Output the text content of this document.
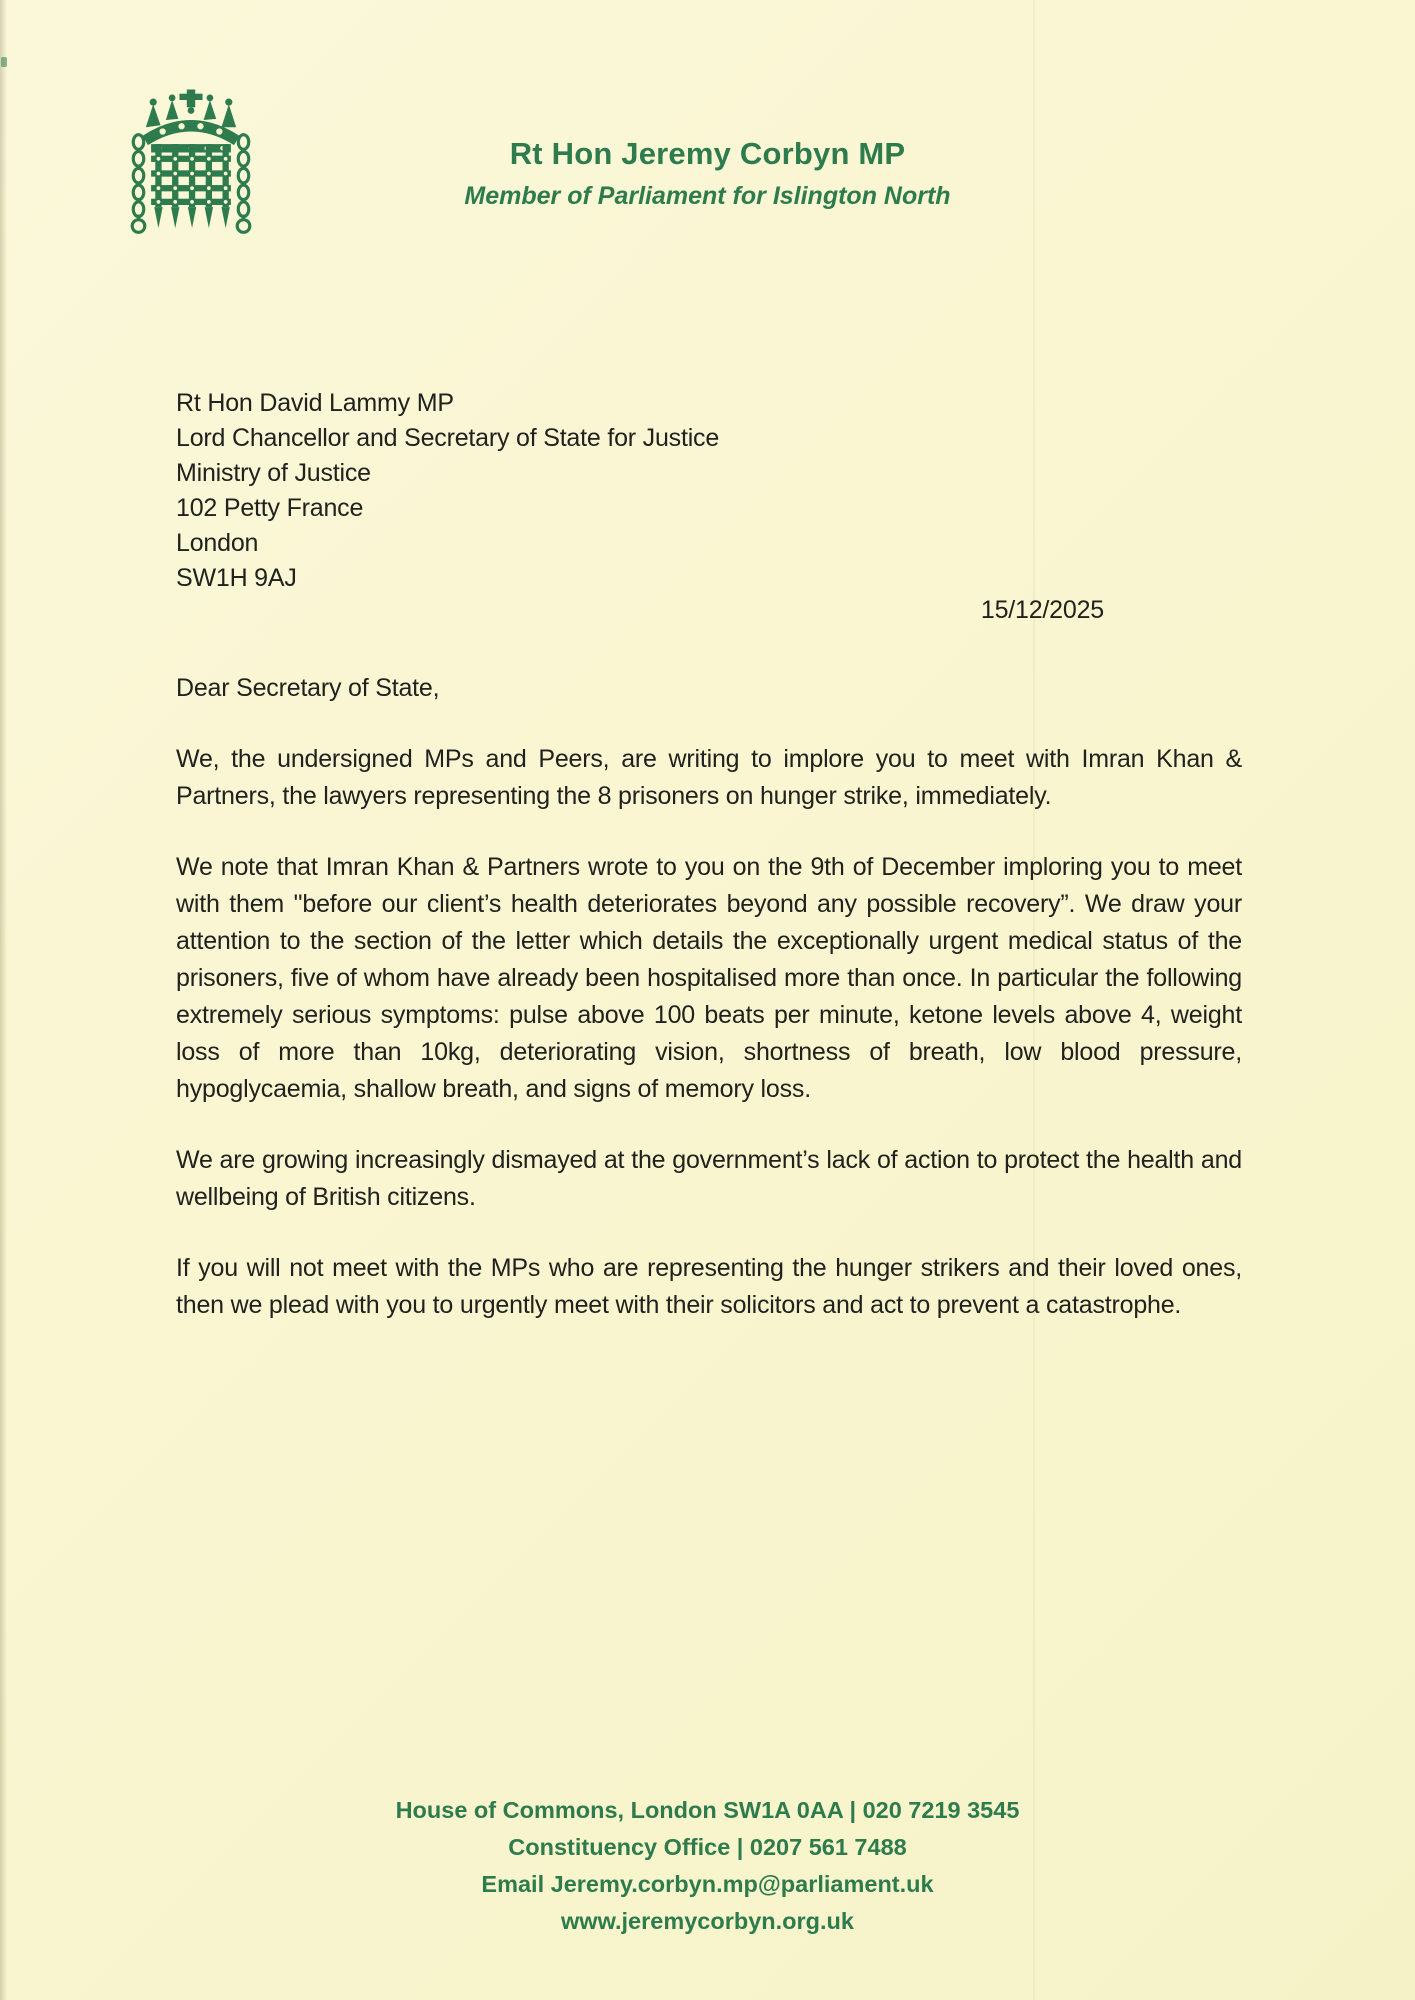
Rt Hon Jeremy Corbyn MP
Member of Parliament for Islington North
Rt Hon David Lammy MP
Lord Chancellor and Secretary of State for Justice
Ministry of Justice
102 Petty France
London
SW1H 9AJ
15/12/2025

Dear Secretary of State,

We, the undersigned MPs and Peers, are writing to implore you to meet with Imran Khan & Partners, the lawyers representing the 8 prisoners on hunger strike, immediately.

We note that Imran Khan & Partners wrote to you on the 9th of December imploring you to meet with them "before our client’s health deteriorates beyond any possible recovery”. We draw your attention to the section of the letter which details the exceptionally urgent medical status of the prisoners, five of whom have already been hospitalised more than once. In particular the following extremely serious symptoms: pulse above 100 beats per minute, ketone levels above 4, weight loss of more than 10kg, deteriorating vision, shortness of breath, low blood pressure, hypoglycaemia, shallow breath, and signs of memory loss.

We are growing increasingly dismayed at the government’s lack of action to protect the health and wellbeing of British citizens.

If you will not meet with the MPs who are representing the hunger strikers and their loved ones, then we plead with you to urgently meet with their solicitors and act to prevent a catastrophe.

House of Commons, London SW1A 0AA | 020 7219 3545
Constituency Office | 0207 561 7488
Email Jeremy.corbyn.mp@parliament.uk
www.jeremycorbyn.org.uk
